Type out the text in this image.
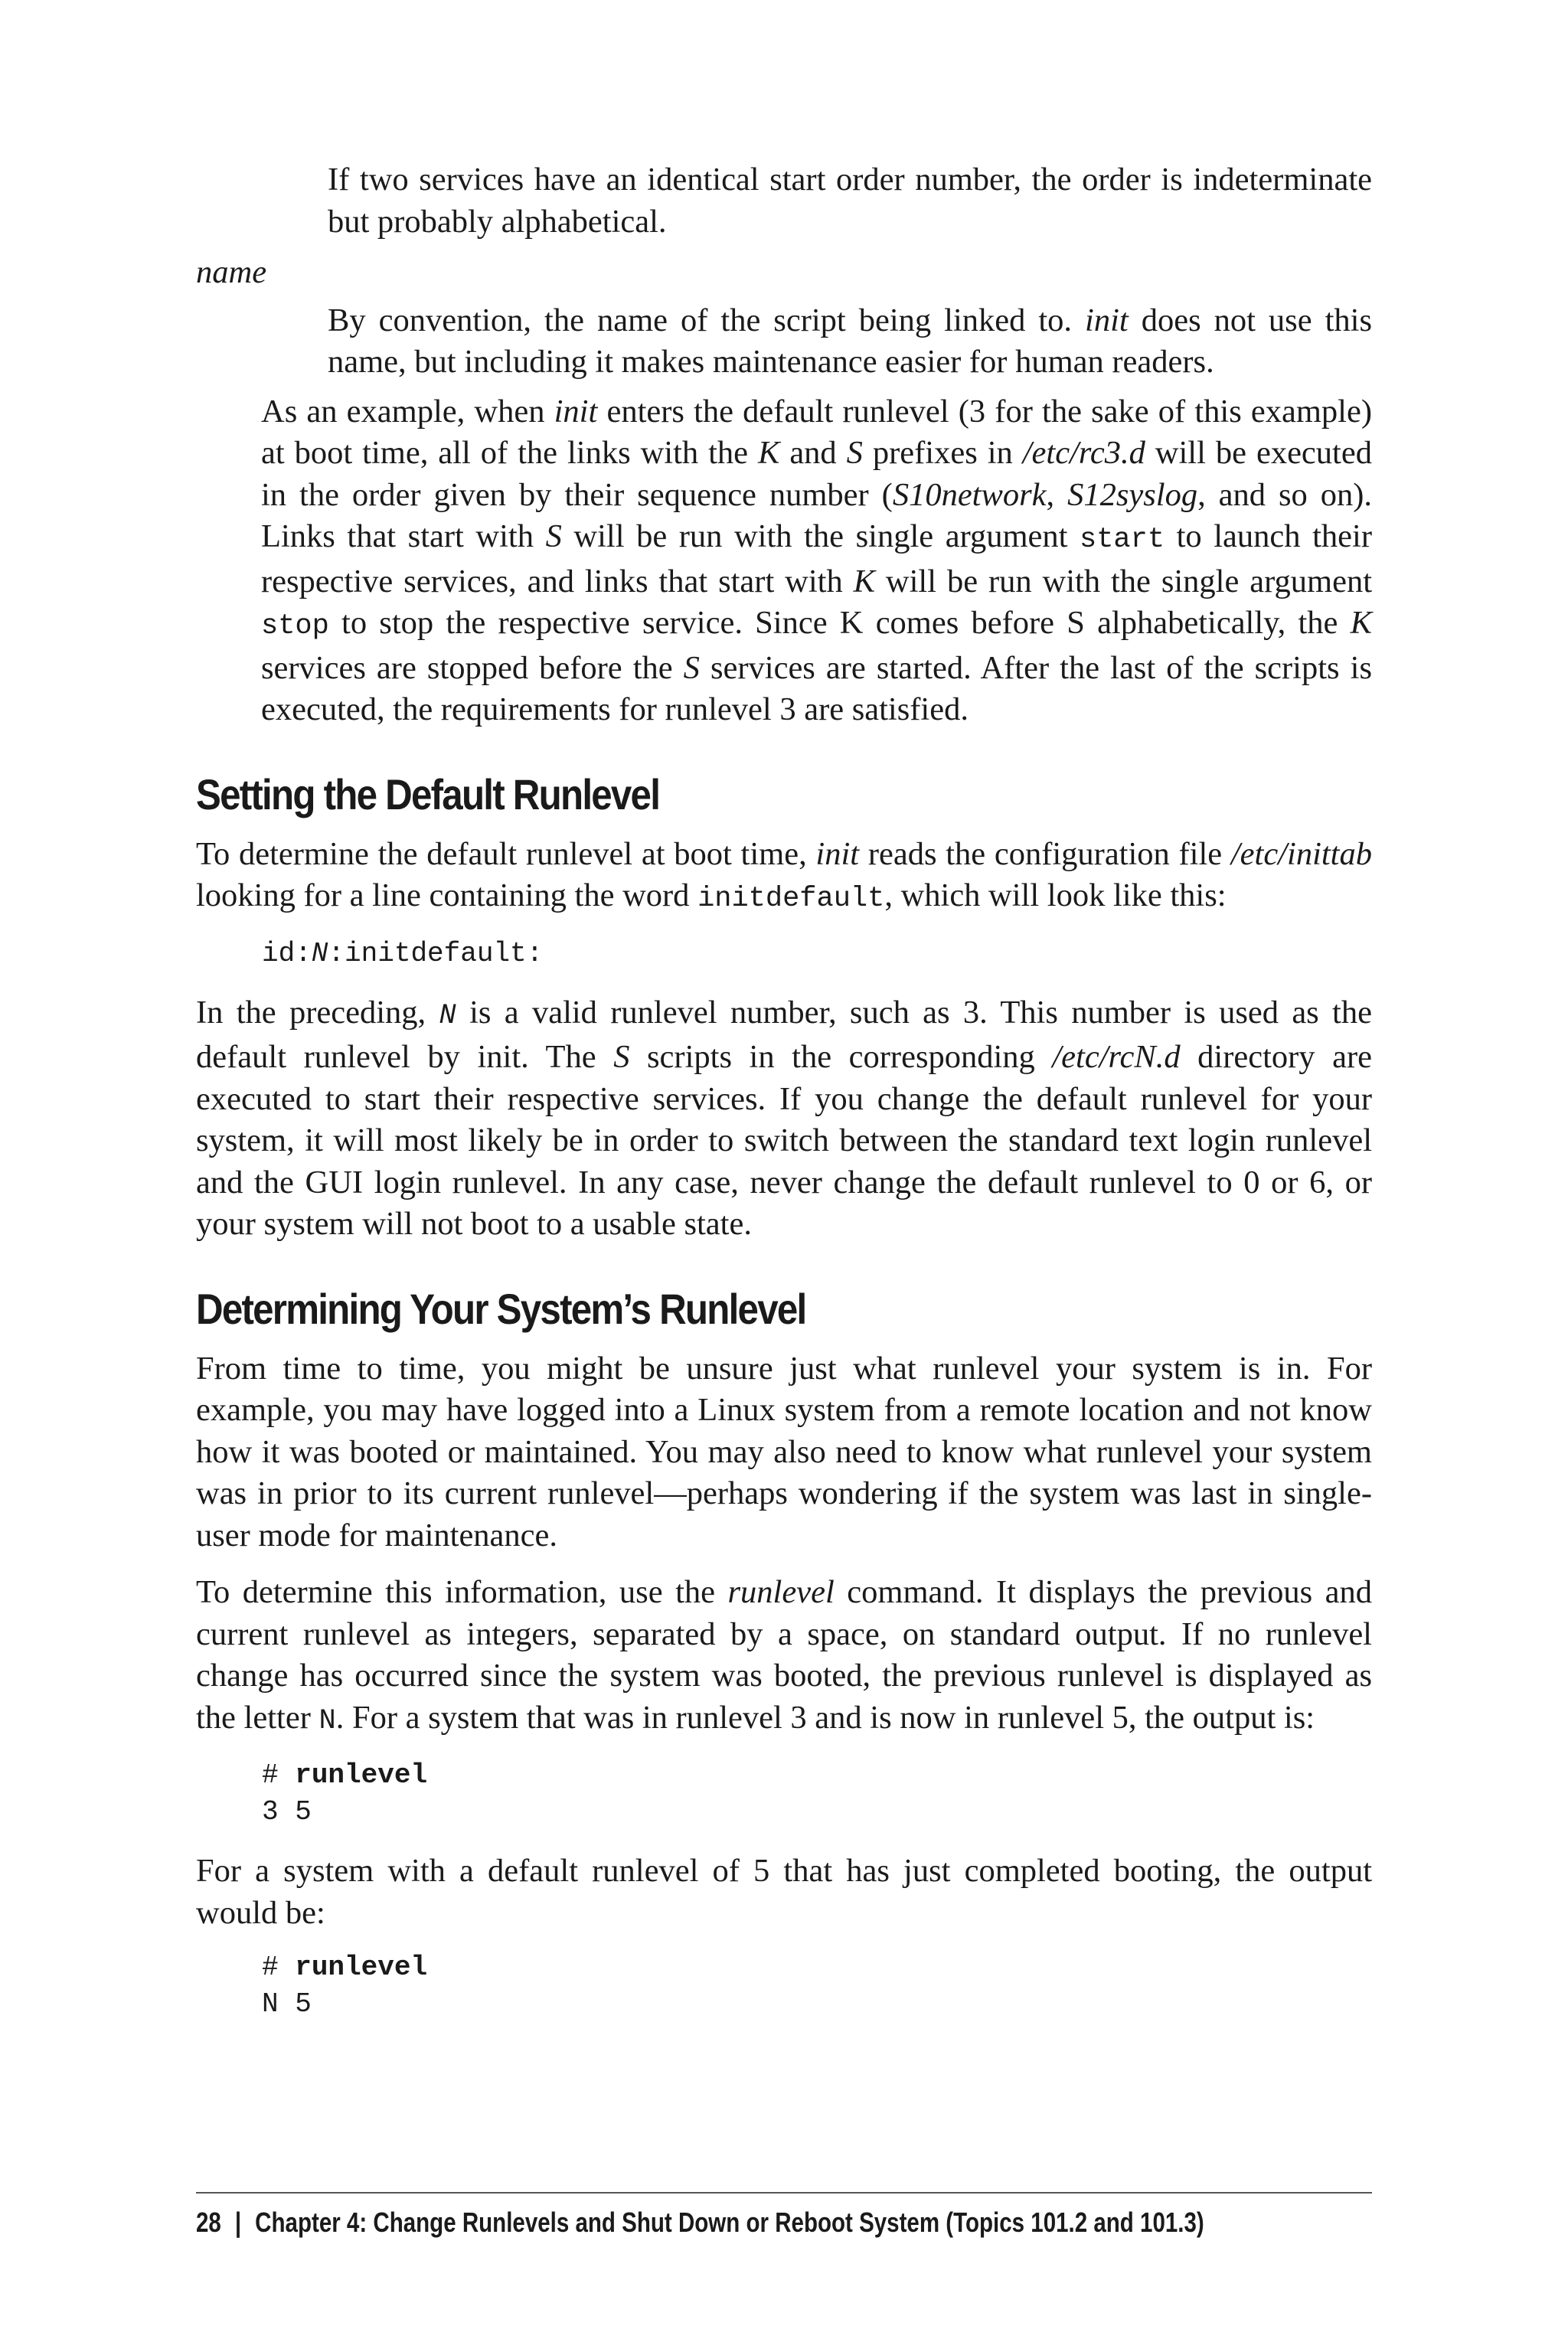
If two services have an identical start order number, the order is indeterminate but probably alphabetical.

name

By convention, the name of the script being linked to. init does not use this name, but including it makes maintenance easier for human readers.

As an example, when init enters the default runlevel (3 for the sake of this example) at boot time, all of the links with the K and S prefixes in /etc/rc3.d will be executed in the order given by their sequence number (S10network, S12syslog, and so on). Links that start with S will be run with the single argument start to launch their respective services, and links that start with K will be run with the single argument stop to stop the respective service. Since K comes before S alphabetically, the K services are stopped before the S services are started. After the last of the scripts is executed, the requirements for runlevel 3 are satisfied.

Setting the Default Runlevel

To determine the default runlevel at boot time, init reads the configuration file /etc/inittab looking for a line containing the word initdefault, which will look like this:

id:N:initdefault:

In the preceding, N is a valid runlevel number, such as 3. This number is used as the default runlevel by init. The S scripts in the corresponding /etc/rcN.d directory are executed to start their respective services. If you change the default runlevel for your system, it will most likely be in order to switch between the standard text login runlevel and the GUI login runlevel. In any case, never change the default runlevel to 0 or 6, or your system will not boot to a usable state.

Determining Your System’s Runlevel

From time to time, you might be unsure just what runlevel your system is in. For example, you may have logged into a Linux system from a remote location and not know how it was booted or maintained. You may also need to know what runlevel your system was in prior to its current runlevel—perhaps wondering if the system was last in single-user mode for maintenance.

To determine this information, use the runlevel command. It displays the previous and current runlevel as integers, separated by a space, on standard output. If no runlevel change has occurred since the system was booted, the previous runlevel is displayed as the letter N. For a system that was in runlevel 3 and is now in runlevel 5, the output is:

# runlevel
3 5

For a system with a default runlevel of 5 that has just completed booting, the output would be:

# runlevel
N 5
28 | Chapter 4: Change Runlevels and Shut Down or Reboot System (Topics 101.2 and 101.3)
